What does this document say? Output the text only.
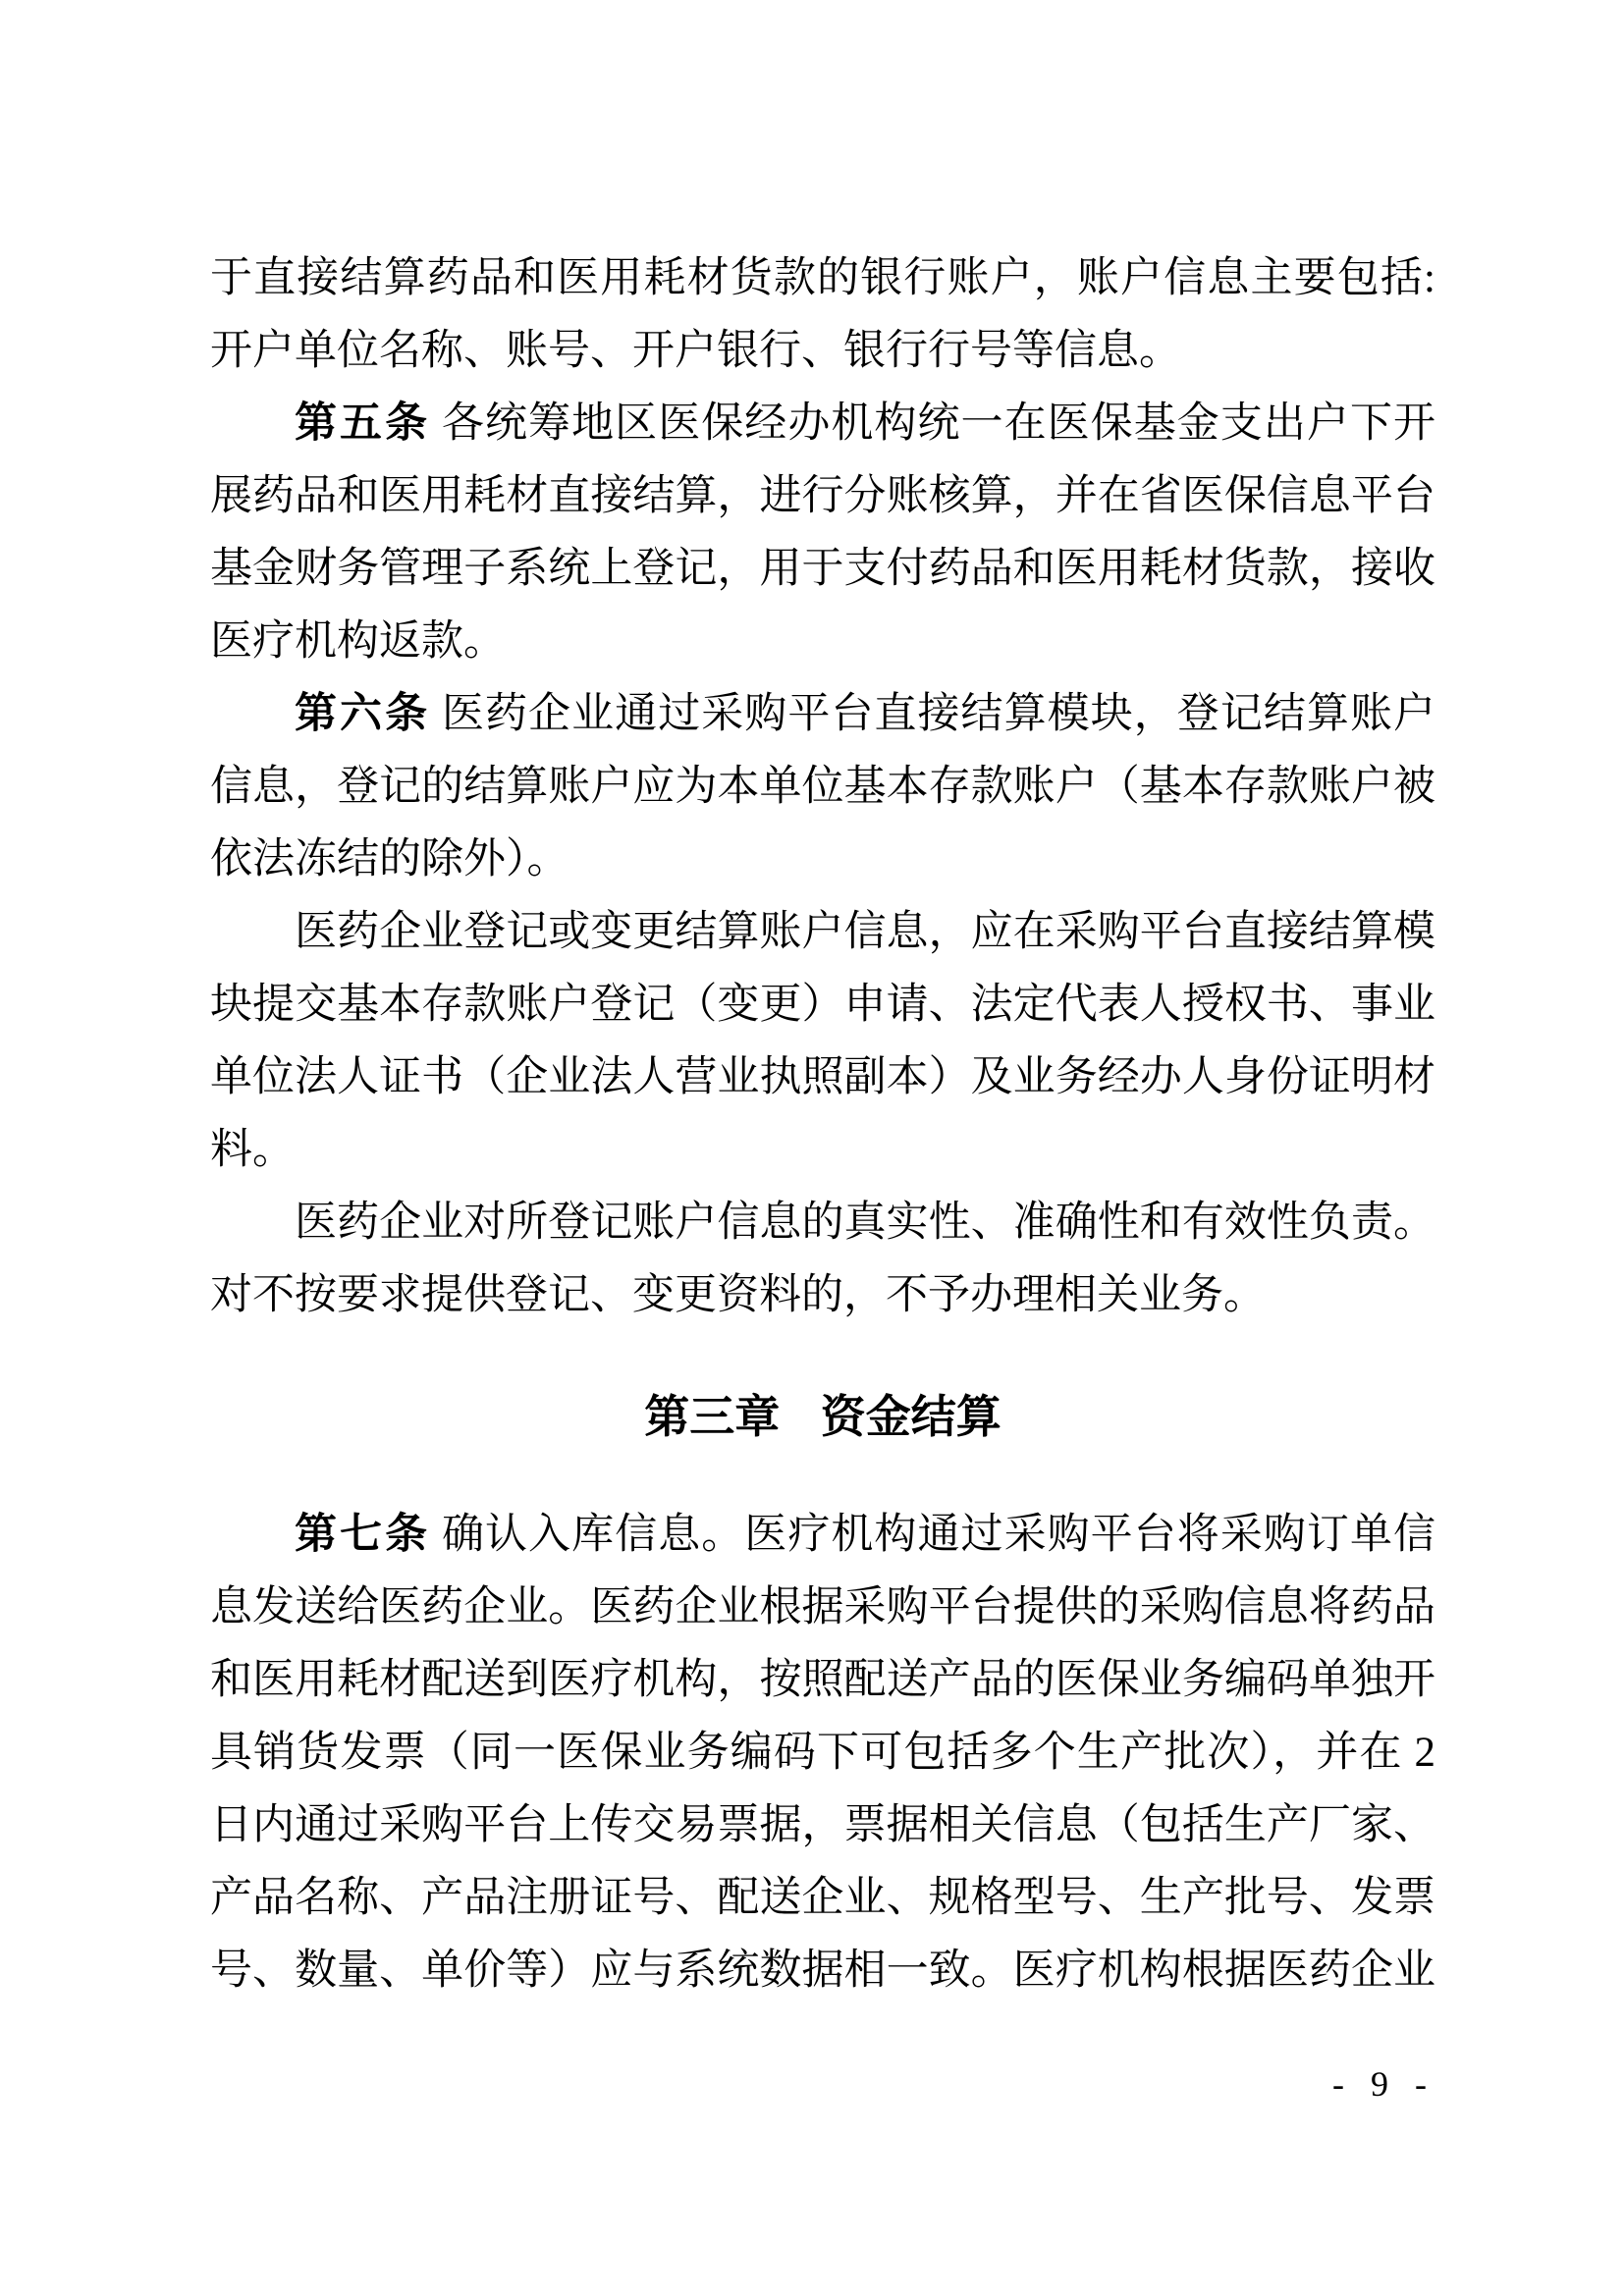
于直接结算药品和医用耗材货款的银行账户，账户信息主要包括:
开户单位名称、账号、开户银行、银行行号等信息。
第五条 各统筹地区医保经办机构统一在医保基金支出户下开
展药品和医用耗材直接结算，进行分账核算，并在省医保信息平台
基金财务管理子系统上登记，用于支付药品和医用耗材货款，接收
医疗机构返款。
第六条 医药企业通过采购平台直接结算模块，登记结算账户
信息，登记的结算账户应为本单位基本存款账户（基本存款账户被
依法冻结的除外）。
医药企业登记或变更结算账户信息，应在采购平台直接结算模
块提交基本存款账户登记（变更）申请、法定代表人授权书、事业
单位法人证书（企业法人营业执照副本）及业务经办人身份证明材
料。
医药企业对所登记账户信息的真实性、准确性和有效性负责。
对不按要求提供登记、变更资料的，不予办理相关业务。
第三章 资金结算
第七条 确认入库信息。医疗机构通过采购平台将采购订单信
息发送给医药企业。医药企业根据采购平台提供的采购信息将药品
和医用耗材配送到医疗机构，按照配送产品的医保业务编码单独开
具销货发票（同一医保业务编码下可包括多个生产批次），并在 2
日内通过采购平台上传交易票据，票据相关信息（包括生产厂家、
产品名称、产品注册证号、配送企业、规格型号、生产批号、发票
号、数量、单价等）应与系统数据相一致。医疗机构根据医药企业
- 9 -
